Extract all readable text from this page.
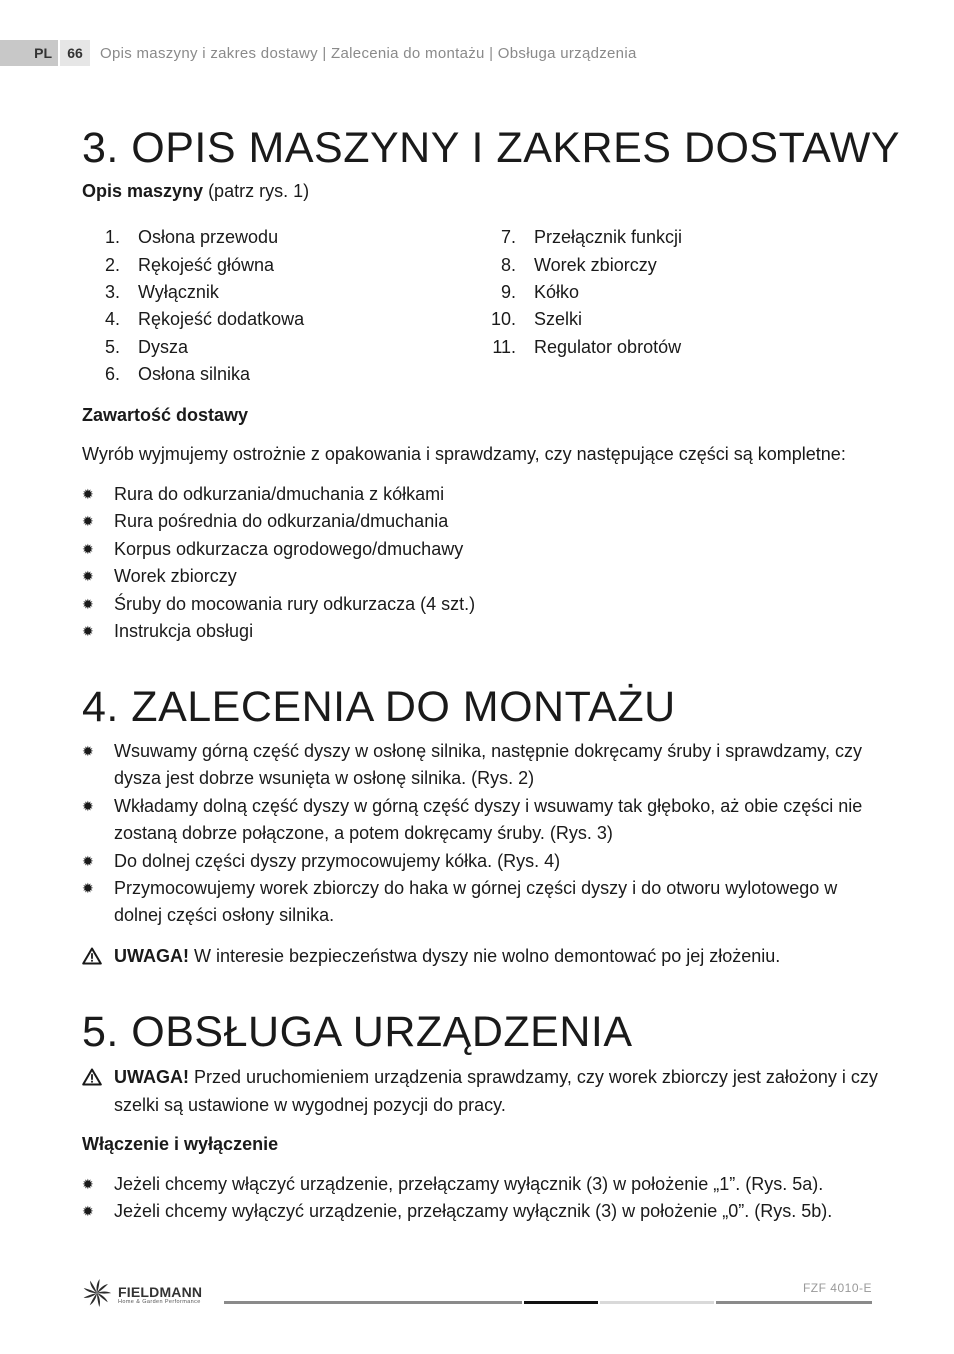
PL	66	Opis maszyny i zakres dostawy | Zalecenia do montażu | Obsługa urządzenia
3. OPIS MASZYNY I ZAKRES DOSTAWY
Opis maszyny (patrz rys. 1)
1. Osłona przewodu
2. Rękojeść główna
3. Wyłącznik
4. Rękojeść dodatkowa
5. Dysza
6. Osłona silnika
7. Przełącznik funkcji
8. Worek zbiorczy
9. Kółko
10. Szelki
11. Regulator obrotów
Zawartość dostawy
Wyrób wyjmujemy ostrożnie z opakowania i sprawdzamy, czy następujące części są kompletne:
✹	Rura do odkurzania/dmuchania z kółkami
✹	Rura pośrednia do odkurzania/dmuchania
✹	Korpus odkurzacza ogrodowego/dmuchawy
✹	Worek zbiorczy
✹	Śruby do mocowania rury odkurzacza (4 szt.)
✹	Instrukcja obsługi
4. ZALECENIA DO MONTAŻU
✹	Wsuwamy górną część dyszy w osłonę silnika, następnie dokręcamy śruby i sprawdzamy, czy dysza jest dobrze wsunięta w osłonę silnika. (Rys. 2)
✹	Wkładamy dolną część dyszy w górną część dyszy i wsuwamy tak głęboko, aż obie części nie zostaną dobrze połączone, a potem dokręcamy śruby. (Rys. 3)
✹	Do dolnej części dyszy przymocowujemy kółka. (Rys. 4)
✹	Przymocowujemy worek zbiorczy do haka w górnej części dyszy i do otworu wylotowego w dolnej części osłony silnika.
UWAGA! W interesie bezpieczeństwa dyszy nie wolno demontować po jej złożeniu.
5. OBSŁUGA URZĄDZENIA
UWAGA! Przed uruchomieniem urządzenia sprawdzamy, czy worek zbiorczy jest założony i czy szelki są ustawione w wygodnej pozycji do pracy.
Włączenie i wyłączenie
✹	Jeżeli chcemy włączyć urządzenie, przełączamy wyłącznik (3) w położenie „1”. (Rys. 5a).
✹	Jeżeli chcemy wyłączyć urządzenie, przełączamy wyłącznik (3) w położenie „0”. (Rys. 5b).
FIELDMANN
Home & Garden Performance
FZF 4010-E
